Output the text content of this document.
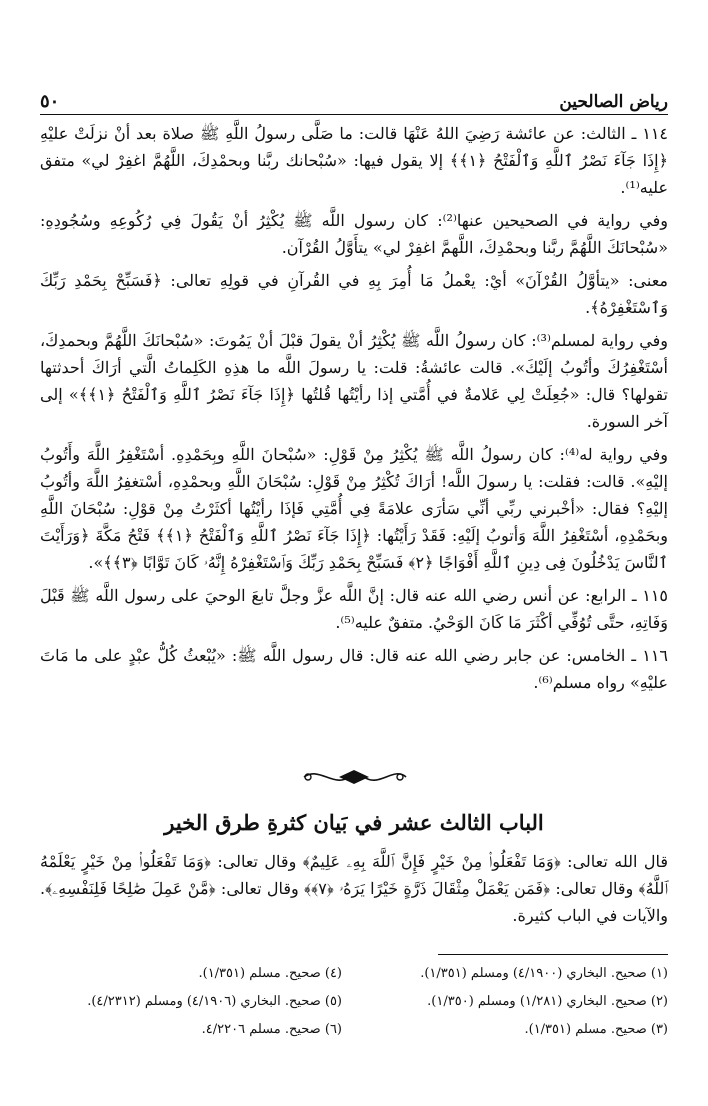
رياض الصالحين
٥٠

١١٤ ـ الثالث: عن عائشة رَضِيَ اللهُ عَنْهَا قالت: ما صَلَّى رسولُ اللَّهِ ﷺ صلاة بعد أنْ نزلَتْ عليْهِ ﴿إِذَا جَآءَ نَصْرُ ٱللَّهِ وَٱلْفَتْحُ ﴿١﴾﴾ إلا يقول فيها: «سُبْحانك ربَّنا وبحمْدِكَ، اللَّهُمَّ اغفِرْ لي» متفق عليه⁽¹⁾.

وفي رواية في الصحيحين عنها⁽²⁾: كان رسول اللَّه ﷺ يُكْثِرُ أنْ يَقُولَ فِي رُكُوعِهِ وسُجُودِهِ: «سُبْحانَكَ اللَّهُمَّ ربَّنا وبحمْدِكَ، اللَّهمَّ اغفِرْ لي» يتأَوَّلُ القُرْآن.

معنى: «يتأوَّلُ القُرْآنَ» أيْ: يعْملُ مَا أُمِرَ بِهِ في القُرآنِ في قولِهِ تعالى: ﴿فَسَبِّحْ بِحَمْدِ رَبِّكَ وَٱسْتَغْفِرْهُ﴾.

وفي رواية لمسلم⁽³⁾: كان رسولُ اللَّه ﷺ يُكْثِرُ أنْ يقولَ قبْلَ أنْ يَمُوتَ: «سُبْحانَكَ اللَّهُمَّ وبحمدِكَ، أسْتَغْفِرُكَ وأتُوبُ إلَيْكَ». قالت عائشةُ: قلت: يا رسولَ اللَّه ما هذِهِ الكَلِماتُ الَّتي أرَاكَ أحدثتها تقولها؟ قال: «جُعِلَتْ لِي عَلامةٌ في أُمَّتي إذا رأيْتُها قُلتُها ﴿إِذَا جَآءَ نَصْرُ ٱللَّهِ وَٱلْفَتْحُ ﴿١﴾﴾» إلى آخر السورة.

وفي رواية له⁽⁴⁾: كان رسولُ اللَّه ﷺ يُكْثِرُ مِنْ قَوْلِ: «سُبْحانَ اللَّهِ وبِحَمْدِهِ. أسْتَغْفِرُ اللَّهَ وأَتُوبُ إليْهِ». قالت: فقلت: يا رسولَ اللَّه! أرَاكَ تُكْثِرُ مِنْ قَوْلِ: سُبْحَانَ اللَّهِ وبحمْدِهِ، أسْتغفِرُ اللَّهَ وأتُوبُ إليْهِ؟ فقال: «أخْبرني ربِّي أنِّي سَأرَى علامَةً فِي أُمَّتِي فَإذَا رأيْتُها أكثَرْتُ مِنْ قوْلِ: سُبْحَانَ اللَّهِ وبحَمْدِهِ، أسْتَغْفِرُ اللَّهَ وَأتوبُ إلَيْهِ: فَقَدْ رَأَيْتُها: ﴿إِذَا جَآءَ نَصْرُ ٱللَّهِ وَٱلْفَتْحُ ﴿١﴾﴾ فَتْحُ مَكَّةَ ﴿وَرَأَيْتَ ٱلنَّاسَ يَدْخُلُونَ فِى دِينِ ٱللَّهِ أَفْوَاجًا ﴿٢﴾ فَسَبِّحْ بِحَمْدِ رَبِّكَ وَٱسْتَغْفِرْهُ إِنَّهُۥ كَانَ تَوَّابًا ﴿٣﴾﴾».

١١٥ ـ الرابع: عن أنس رضي الله عنه قال: إنَّ اللَّه عزَّ وجلَّ تابعَ الوحيَ على رسول اللَّه ﷺ قَبْلَ وَفَاتِهِ، حتَّى تُوُفِّي أكْثَرَ مَا كَانَ الوَحْيُ. متفقٌ عليه⁽⁵⁾.

١١٦ ـ الخامس: عن جابر رضي الله عنه قال: قال رسول اللَّه ﷺ: «يُبْعثُ كُلُّ عبْدٍ على ما مَاتَ عليْهِ» رواه مسلم⁽⁶⁾.

الباب الثالث عشر في بَيان كثرةِ طرق الخير

قال الله تعالى: ﴿وَمَا تَفْعَلُوا۟ مِنْ خَيْرٍ فَإِنَّ ٱللَّهَ بِهِۦ عَلِيمٌ﴾ وقال تعالى: ﴿وَمَا تَفْعَلُوا۟ مِنْ خَيْرٍ يَعْلَمْهُ ٱللَّهُ﴾ وقال تعالى: ﴿فَمَن يَعْمَلْ مِثْقَالَ ذَرَّةٍ خَيْرًا يَرَهُۥ ﴿٧﴾﴾ وقال تعالى: ﴿مَّنْ عَمِلَ صَٰلِحًا فَلِنَفْسِهِۦ﴾. والآيات في الباب كثيرة.

(١) صحيح. البخاري (٤/١٩٠٠) ومسلم (١/٣٥١).
(٤) صحيح. مسلم (١/٣٥١).
(٢) صحيح. البخاري (١/٢٨١) ومسلم (١/٣٥٠).
(٥) صحيح. البخاري (٤/١٩٠٦) ومسلم (٤/٢٣١٢).
(٣) صحيح. مسلم (١/٣٥١).
(٦) صحيح. مسلم ٤/٢٢٠٦.
